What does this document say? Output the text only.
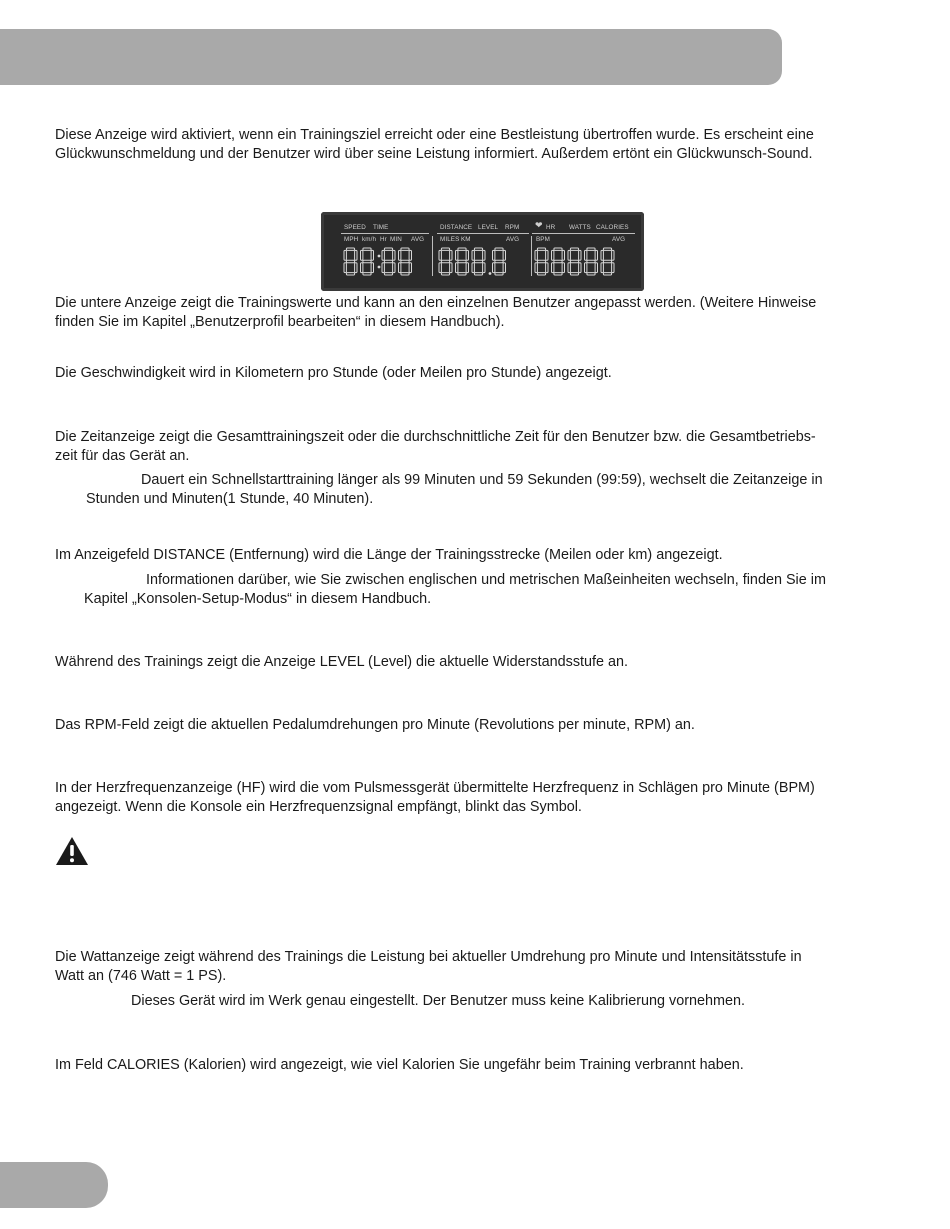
Diese Anzeige wird aktiviert, wenn ein Trainingsziel erreicht oder eine Bestleistung übertroffen wurde. Es erscheint eine
Glückwunschmeldung und der Benutzer wird über seine Leistung informiert. Außerdem ertönt ein Glückwunsch-Sound.

SPEED TIME	DISTANCE LEVEL RPM ❤ HR WATTS CALORIES
MPH km/h Hr MIN AVG	MILES KM	AVG	BPM	AVG

Die untere Anzeige zeigt die Trainingswerte und kann an den einzelnen Benutzer angepasst werden. (Weitere Hinweise
finden Sie im Kapitel „Benutzerprofil bearbeiten“ in diesem Handbuch).

Die Geschwindigkeit wird in Kilometern pro Stunde (oder Meilen pro Stunde) angezeigt.

Die Zeitanzeige zeigt die Gesamttrainingszeit oder die durchschnittliche Zeit für den Benutzer bzw. die Gesamtbetriebs-
zeit für das Gerät an.

Dauert ein Schnellstarttraining länger als 99 Minuten und 59 Sekunden (99:59), wechselt die Zeitanzeige in

Stunden und Minuten(1 Stunde, 40 Minuten).

Im Anzeigefeld DISTANCE (Entfernung) wird die Länge der Trainingsstrecke (Meilen oder km) angezeigt.

Informationen darüber, wie Sie zwischen englischen und metrischen Maßeinheiten wechseln, finden Sie im

Kapitel „Konsolen-Setup-Modus“ in diesem Handbuch.

Während des Trainings zeigt die Anzeige LEVEL (Level) die aktuelle Widerstandsstufe an.

Das RPM-Feld zeigt die aktuellen Pedalumdrehungen pro Minute (Revolutions per minute, RPM) an.

In der Herzfrequenzanzeige (HF) wird die vom Pulsmessgerät übermittelte Herzfrequenz in Schlägen pro Minute (BPM)
angezeigt. Wenn die Konsole ein Herzfrequenzsignal empfängt, blinkt das Symbol.

Die Wattanzeige zeigt während des Trainings die Leistung bei aktueller Umdrehung pro Minute und Intensitätsstufe in
Watt an (746 Watt = 1 PS).

Dieses Gerät wird im Werk genau eingestellt. Der Benutzer muss keine Kalibrierung vornehmen.

Im Feld CALORIES (Kalorien) wird angezeigt, wie viel Kalorien Sie ungefähr beim Training verbrannt haben.
